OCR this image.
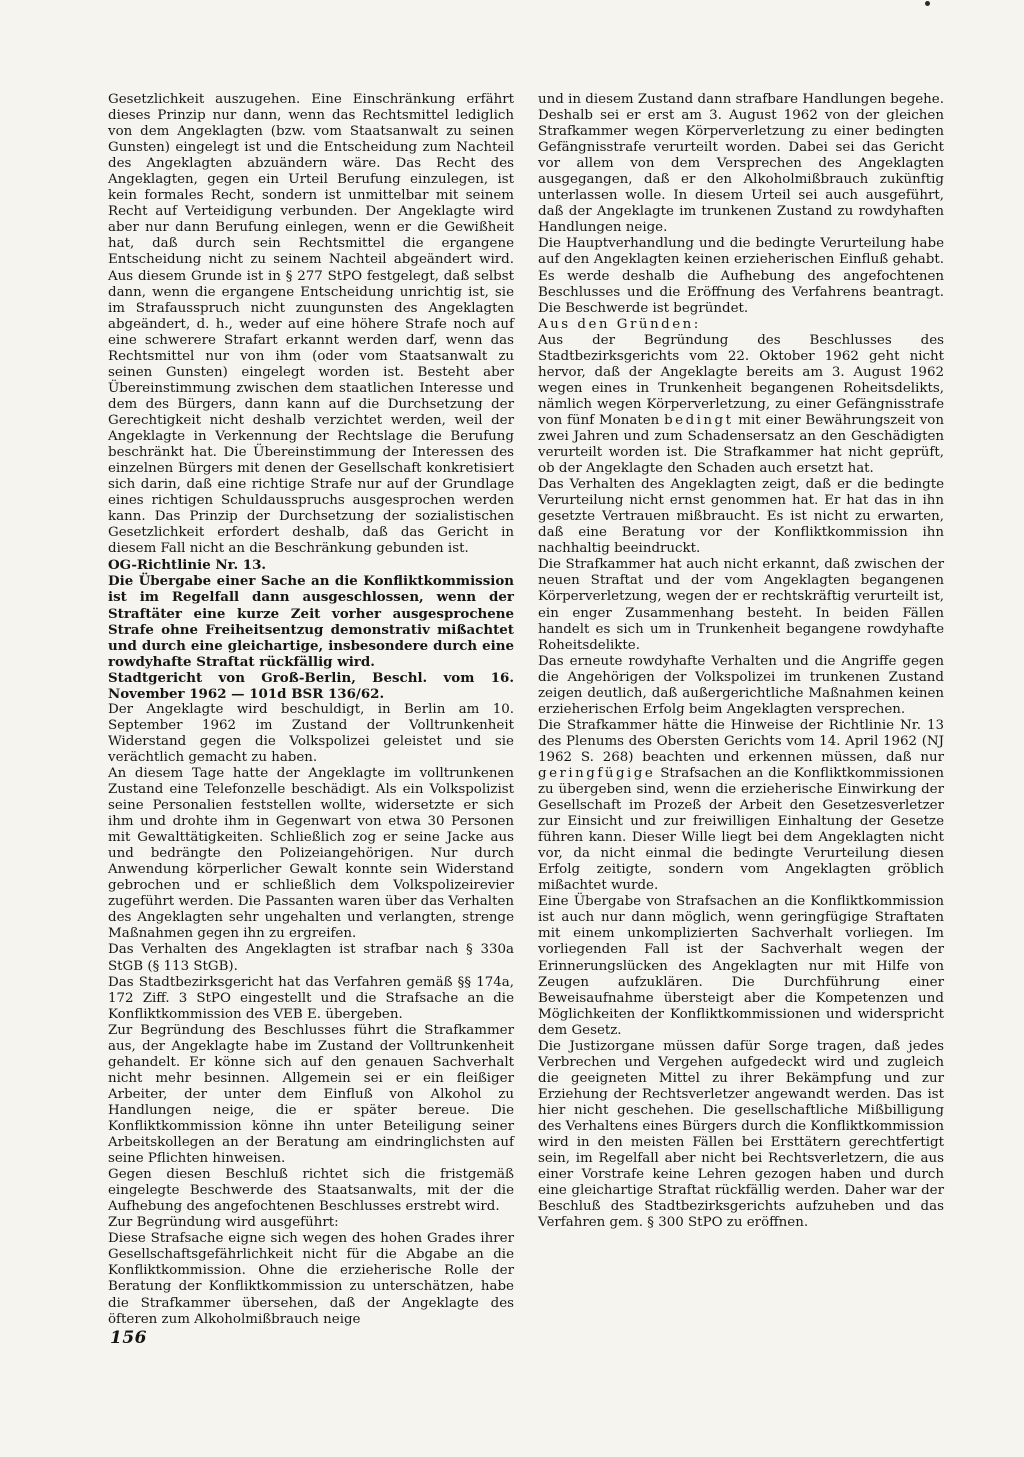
Gesetzlichkeit auszugehen. Eine Einschränkung erfährt dieses Prinzip nur dann, wenn das Rechtsmittel lediglich von dem Angeklagten (bzw. vom Staatsanwalt zu seinen Gunsten) eingelegt ist und die Entscheidung zum Nachteil des Angeklagten abzuändern wäre. Das Recht des Angeklagten, gegen ein Urteil Berufung einzulegen, ist kein formales Recht, sondern ist unmittelbar mit seinem Recht auf Verteidigung verbunden. Der Angeklagte wird aber nur dann Berufung einlegen, wenn er die Gewißheit hat, daß durch sein Rechtsmittel die ergangene Entscheidung nicht zu seinem Nachteil abgeändert wird. Aus diesem Grunde ist in § 277 StPO festgelegt, daß selbst dann, wenn die ergangene Entscheidung unrichtig ist, sie im Strafausspruch nicht zuungunsten des Angeklagten abgeändert, d. h., weder auf eine höhere Strafe noch auf eine schwerere Strafart erkannt werden darf, wenn das Rechtsmittel nur von ihm (oder vom Staatsanwalt zu seinen Gunsten) eingelegt worden ist. Besteht aber Übereinstimmung zwischen dem staatlichen Interesse und dem des Bürgers, dann kann auf die Durchsetzung der Gerechtigkeit nicht deshalb verzichtet werden, weil der Angeklagte in Verkennung der Rechtslage die Berufung beschränkt hat. Die Übereinstimmung der Interessen des einzelnen Bürgers mit denen der Gesellschaft konkretisiert sich darin, daß eine richtige Strafe nur auf der Grundlage eines richtigen Schuldausspruchs ausgesprochen werden kann. Das Prinzip der Durchsetzung der sozialistischen Gesetzlichkeit erfordert deshalb, daß das Gericht in diesem Fall nicht an die Beschränkung gebunden ist.

OG-Richtlinie Nr. 13.

Die Übergabe einer Sache an die Konfliktkommission ist im Regelfall dann ausgeschlossen, wenn der Straftäter eine kurze Zeit vorher ausgesprochene Strafe ohne Freiheitsentzug demonstrativ mißachtet und durch eine gleichartige, insbesondere durch eine rowdyhafte Straftat rückfällig wird.

Stadtgericht von Groß-Berlin, Beschl. vom 16. November 1962 — 101d BSR 136/62.

Der Angeklagte wird beschuldigt, in Berlin am 10. September 1962 im Zustand der Volltrunkenheit Widerstand gegen die Volkspolizei geleistet und sie verächtlich gemacht zu haben.

An diesem Tage hatte der Angeklagte im volltrunkenen Zustand eine Telefonzelle beschädigt. Als ein Volkspolizist seine Personalien feststellen wollte, widersetzte er sich ihm und drohte ihm in Gegenwart von etwa 30 Personen mit Gewalttätigkeiten. Schließlich zog er seine Jacke aus und bedrängte den Polizeiangehörigen. Nur durch Anwendung körperlicher Gewalt konnte sein Widerstand gebrochen und er schließlich dem Volkspolizeirevier zugeführt werden. Die Passanten waren über das Verhalten des Angeklagten sehr ungehalten und verlangten, strenge Maßnahmen gegen ihn zu ergreifen.

Das Verhalten des Angeklagten ist strafbar nach § 330a StGB (§ 113 StGB).

Das Stadtbezirksgericht hat das Verfahren gemäß §§ 174a, 172 Ziff. 3 StPO eingestellt und die Strafsache an die Konfliktkommission des VEB E. übergeben.

Zur Begründung des Beschlusses führt die Strafkammer aus, der Angeklagte habe im Zustand der Volltrunkenheit gehandelt. Er könne sich auf den genauen Sachverhalt nicht mehr besinnen. Allgemein sei er ein fleißiger Arbeiter, der unter dem Einfluß von Alkohol zu Handlungen neige, die er später bereue. Die Konfliktkommission könne ihn unter Beteiligung seiner Arbeitskollegen an der Beratung am eindringlichsten auf seine Pflichten hinweisen.

Gegen diesen Beschluß richtet sich die fristgemäß eingelegte Beschwerde des Staatsanwalts, mit der die Aufhebung des angefochtenen Beschlusses erstrebt wird.

Zur Begründung wird ausgeführt:

Diese Strafsache eigne sich wegen des hohen Grades ihrer Gesellschaftsgefährlichkeit nicht für die Abgabe an die Konfliktkommission. Ohne die erzieherische Rolle der Beratung der Konfliktkommission zu unterschätzen, habe die Strafkammer übersehen, daß der Angeklagte des öfteren zum Alkoholmißbrauch neige

und in diesem Zustand dann strafbare Handlungen begehe. Deshalb sei er erst am 3. August 1962 von der gleichen Strafkammer wegen Körperverletzung zu einer bedingten Gefängnisstrafe verurteilt worden. Dabei sei das Gericht vor allem von dem Versprechen des Angeklagten ausgegangen, daß er den Alkoholmißbrauch zukünftig unterlassen wolle. In diesem Urteil sei auch ausgeführt, daß der Angeklagte im trunkenen Zustand zu rowdyhaften Handlungen neige.

Die Hauptverhandlung und die bedingte Verurteilung habe auf den Angeklagten keinen erzieherischen Einfluß gehabt. Es werde deshalb die Aufhebung des angefochtenen Beschlusses und die Eröffnung des Verfahrens beantragt. Die Beschwerde ist begründet.

Aus den Gründen:

Aus der Begründung des Beschlusses des Stadtbezirksgerichts vom 22. Oktober 1962 geht nicht hervor, daß der Angeklagte bereits am 3. August 1962 wegen eines in Trunkenheit begangenen Roheitsdelikts, nämlich wegen Körperverletzung, zu einer Gefängnisstrafe von fünf Monaten bedingt mit einer Bewährungszeit von zwei Jahren und zum Schadensersatz an den Geschädigten verurteilt worden ist. Die Strafkammer hat nicht geprüft, ob der Angeklagte den Schaden auch ersetzt hat.

Das Verhalten des Angeklagten zeigt, daß er die bedingte Verurteilung nicht ernst genommen hat. Er hat das in ihn gesetzte Vertrauen mißbraucht. Es ist nicht zu erwarten, daß eine Beratung vor der Konfliktkommission ihn nachhaltig beeindruckt.

Die Strafkammer hat auch nicht erkannt, daß zwischen der neuen Straftat und der vom Angeklagten begangenen Körperverletzung, wegen der er rechtskräftig verurteilt ist, ein enger Zusammenhang besteht. In beiden Fällen handelt es sich um in Trunkenheit begangene rowdyhafte Roheitsdelikte.

Das erneute rowdyhafte Verhalten und die Angriffe gegen die Angehörigen der Volkspolizei im trunkenen Zustand zeigen deutlich, daß außergerichtliche Maßnahmen keinen erzieherischen Erfolg beim Angeklagten versprechen.

Die Strafkammer hätte die Hinweise der Richtlinie Nr. 13 des Plenums des Obersten Gerichts vom 14. April 1962 (NJ 1962 S. 268) beachten und erkennen müssen, daß nur geringfügige Strafsachen an die Konfliktkommissionen zu übergeben sind, wenn die erzieherische Einwirkung der Gesellschaft im Prozeß der Arbeit den Gesetzesverletzer zur Einsicht und zur freiwilligen Einhaltung der Gesetze führen kann. Dieser Wille liegt bei dem Angeklagten nicht vor, da nicht einmal die bedingte Verurteilung diesen Erfolg zeitigte, sondern vom Angeklagten gröblich mißachtet wurde.

Eine Übergabe von Strafsachen an die Konfliktkommission ist auch nur dann möglich, wenn geringfügige Straftaten mit einem unkomplizierten Sachverhalt vorliegen. Im vorliegenden Fall ist der Sachverhalt wegen der Erinnerungslücken des Angeklagten nur mit Hilfe von Zeugen aufzuklären. Die Durchführung einer Beweisaufnahme übersteigt aber die Kompetenzen und Möglichkeiten der Konfliktkommissionen und widerspricht dem Gesetz.

Die Justizorgane müssen dafür Sorge tragen, daß jedes Verbrechen und Vergehen aufgedeckt wird und zugleich die geeigneten Mittel zu ihrer Bekämpfung und zur Erziehung der Rechtsverletzer angewandt werden. Das ist hier nicht geschehen. Die gesellschaftliche Mißbilligung des Verhaltens eines Bürgers durch die Konfliktkommission wird in den meisten Fällen bei Ersttätern gerechtfertigt sein, im Regelfall aber nicht bei Rechtsverletzern, die aus einer Vorstrafe keine Lehren gezogen haben und durch eine gleichartige Straftat rückfällig werden. Daher war der Beschluß des Stadtbezirksgerichts aufzuheben und das Verfahren gem. § 300 StPO zu eröffnen.

156
